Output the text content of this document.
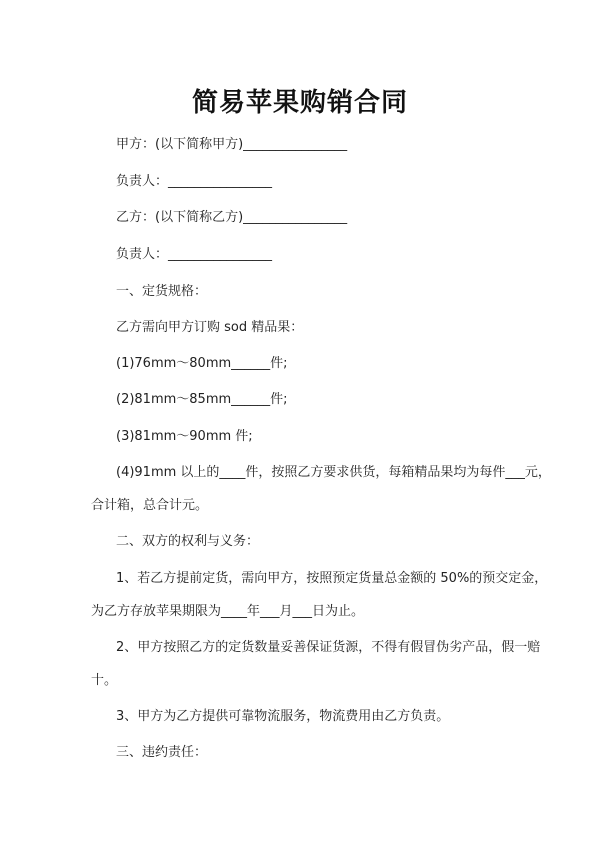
简易苹果购销合同
甲方：(以下简称甲方)________________
负责人：________________
乙方：(以下简称乙方)________________
负责人：________________
一、定货规格：
乙方需向甲方订购 sod 精品果：
(1)76mm～80mm______件;
(2)81mm～85mm______件;
(3)81mm～90mm 件;
(4)91mm 以上的____件，按照乙方要求供货，每箱精品果均为每件___元，
合计箱，总合计元。
二、双方的权利与义务：
1、若乙方提前定货，需向甲方，按照预定货量总金额的 50%的预交定金，
为乙方存放苹果期限为____年___月___日为止。
2、甲方按照乙方的定货数量妥善保证货源，不得有假冒伪劣产品，假一赔
十。
3、甲方为乙方提供可靠物流服务，物流费用由乙方负责。
三、违约责任：
